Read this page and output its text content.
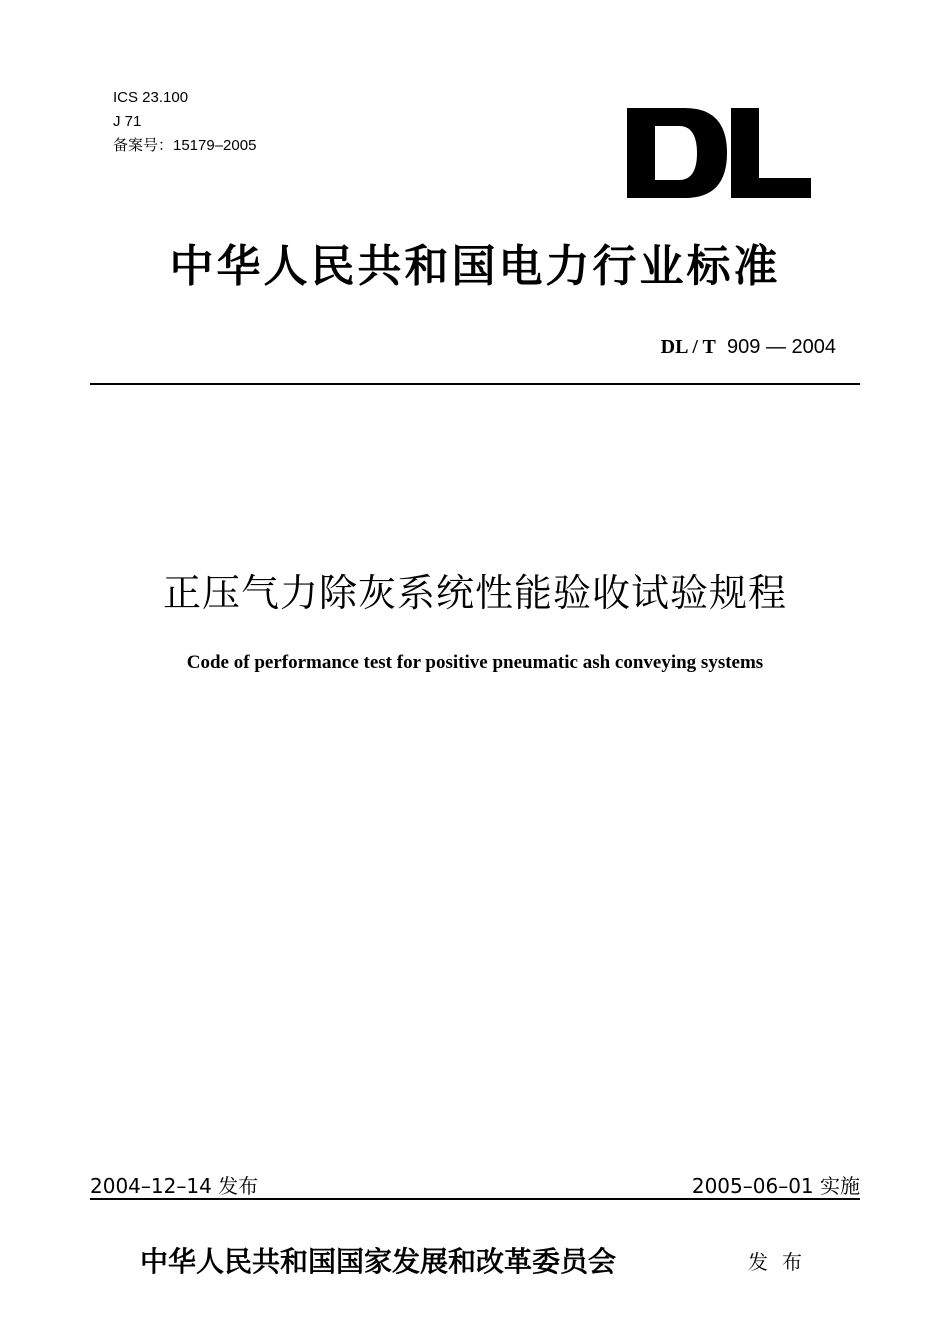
ICS 23.100
J 71
备案号：15179–2005
中华人民共和国电力行业标准
DL / T 909 — 2004
正压气力除灰系统性能验收试验规程
Code of performance test for positive pneumatic ash conveying systems
2004–12–14 发布	2005–06–01 实施
中华人民共和国国家发展和改革委员会	发布
